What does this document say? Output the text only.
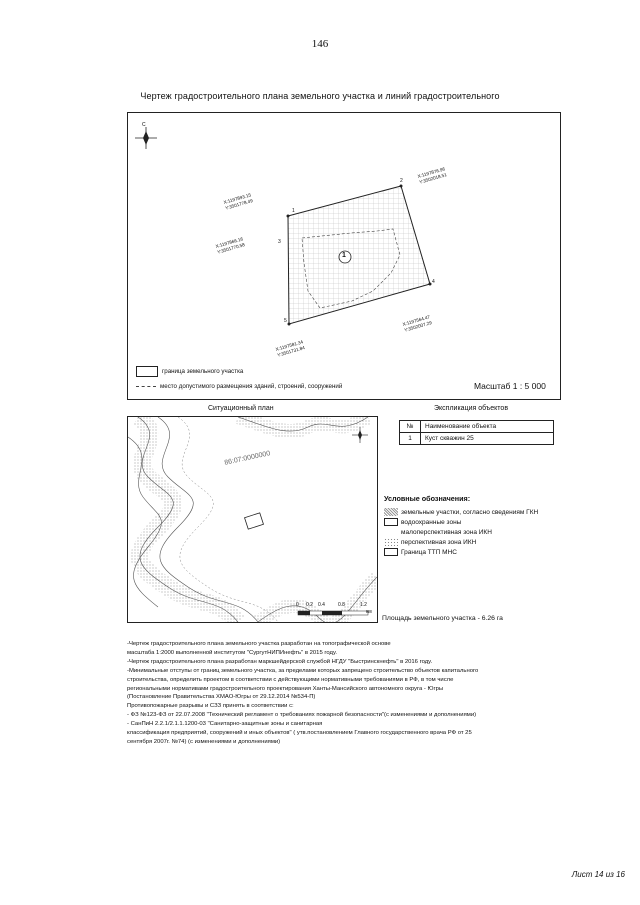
146
Чертеж градостроительного плана земельного участка и линий градостроительного
С
1
1
2
3
4
5
X:1197893.15
Y:3501778.49
X:1197876.96
Y:3502018.51
X:1197866.16
Y:3501770.58
X:1197564.47
Y:3502007.29
X:1197581.34
Y:3501731.84
граница земельного участка
место допустимого размещения зданий, строений, сооружений	Масштаб 1 : 5 000
Ситуационный план
86:07:0000000
0 0.2 0.4	0.8	1.2
км
Экспликация объектов
№	Наименование объекта
1	Куст скважин 25
Условные обозначения:
земельные участки, согласно сведениям ГКН
водоохранные зоны
малоперспективная зона ИКН
перспективная зона ИКН
Граница ТТП МНС
Площадь земельного участка - 6.26 га
-Чертеж градостроительного плана земельного участка разработан на топографической основе
масштаба 1:2000 выполненной институтом "СургутНИПИнефть" в 2015 году.
-Чертеж градостроительного плана разработан маркшейдерской службой НГДУ "Быстринскнефть" в 2016 году.
-Минимальные отступы от границ земельного участка, за пределами которых запрещено строительство объектов капитального
строительства, определить проектом в соответствии с действующими нормативными требованиями в РФ, в том числе
региональными нормативами градостроительного проектирования Ханты-Мансийского автономного округа - Югры
(Постановление Правительства ХМАО-Югры от 29.12.2014 №534-П)
Противопожарные разрывы и СЗЗ принять в соответствии с:
- ФЗ №123-ФЗ от 22.07.2008 "Технический регламент о требованиях пожарной безопасности"(с изменениями и дополнениями)
- СанПиН 2.2.1/2.1.1.1200-03 "Санитарно-защитные зоны и санитарная
классификация предприятий, сооружений и иных объектов" ( утв.постановлением Главного государственного врача РФ от 25
сентября 2007г. №74) (с изменениями и дополнениями)
Лист 14 из 16
